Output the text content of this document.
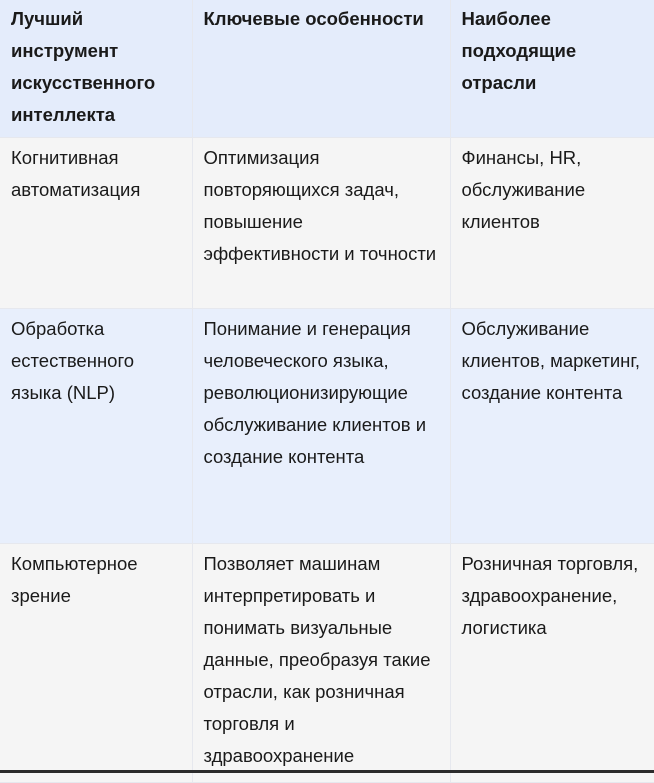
Лучший инструмент искусственного интеллекта	Ключевые особенности	Наиболее подходящие отрасли
Когнитивная автоматизация	Оптимизация повторяющихся задач, повышение эффективности и точности	Финансы, HR, обслуживание клиентов
Обработка естественного языка (NLP)	Понимание и генерация человеческого языка, революционизирующие обслуживание клиентов и создание контента	Обслуживание клиентов, маркетинг, создание контента
Компьютерное зрение	Позволяет машинам интерпретировать и понимать визуальные данные, преобразуя такие отрасли, как розничная торговля и здравоохранение	Розничная торговля, здравоохранение, логистика
